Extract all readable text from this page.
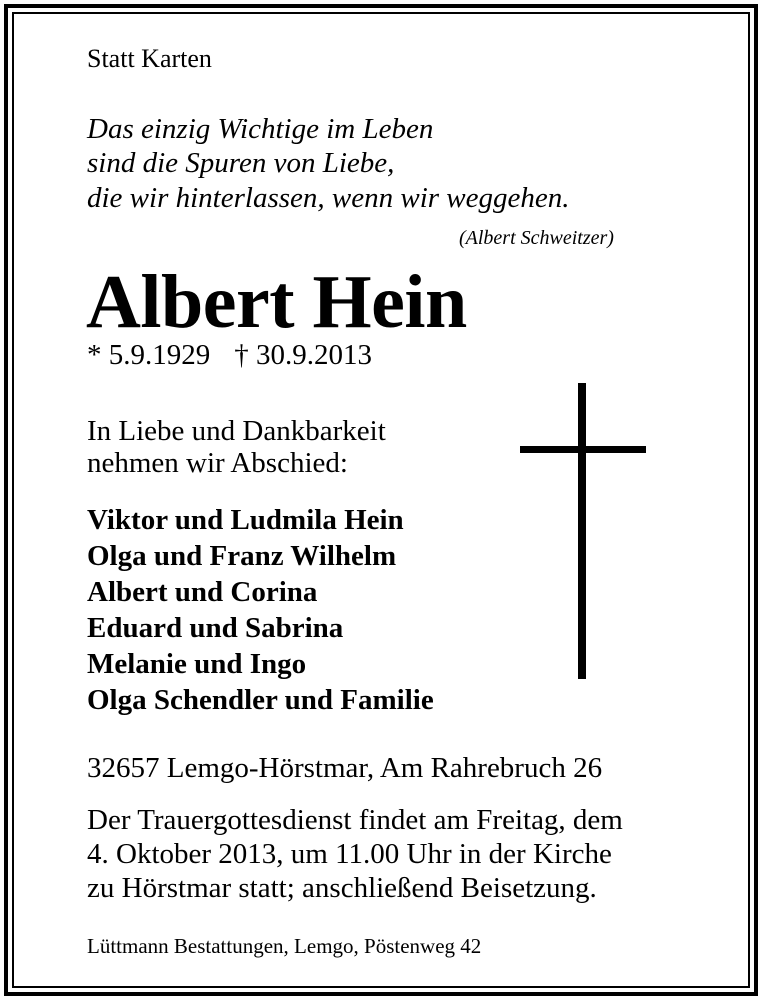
Statt Karten
Das einzig Wichtige im Leben
sind die Spuren von Liebe,
die wir hinterlassen, wenn wir weggehen.
(Albert Schweitzer)
Albert Hein
* 5.9.1929 † 30.9.2013
In Liebe und Dankbarkeit
nehmen wir Abschied:
Viktor und Ludmila Hein
Olga und Franz Wilhelm
Albert und Corina
Eduard und Sabrina
Melanie und Ingo
Olga Schendler und Familie
32657 Lemgo-Hörstmar, Am Rahrebruch 26
Der Trauergottesdienst findet am Freitag, dem
4. Oktober 2013, um 11.00 Uhr in der Kirche
zu Hörstmar statt; anschließend Beisetzung.
Lüttmann Bestattungen, Lemgo, Pöstenweg 42
